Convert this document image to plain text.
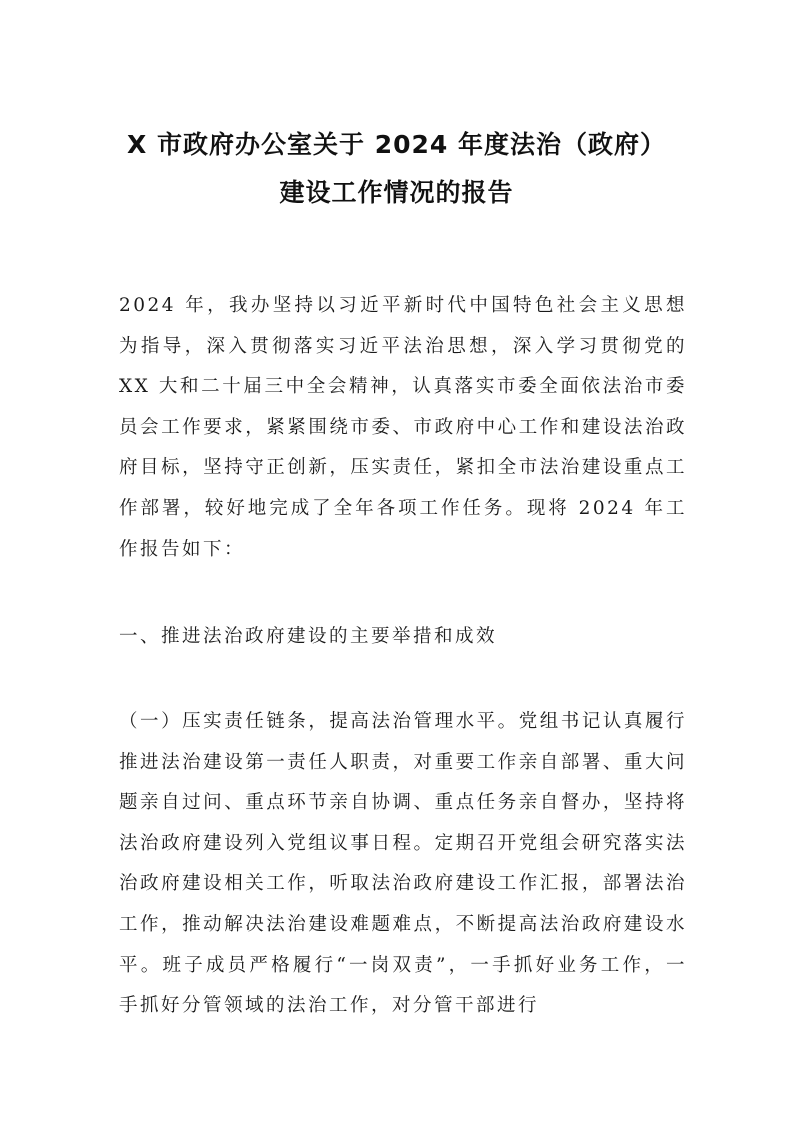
X 市政府办公室关于 2024 年度法治（政府）
建设工作情况的报告

2024 年，我办坚持以习近平新时代中国特色社会主义思想为指导，深入贯彻落实习近平法治思想，深入学习贯彻党的 XX 大和二十届三中全会精神，认真落实市委全面依法治市委员会工作要求，紧紧围绕市委、市政府中心工作和建设法治政府目标，坚持守正创新，压实责任，紧扣全市法治建设重点工作部署，较好地完成了全年各项工作任务。现将 2024 年工作报告如下：

一、推进法治政府建设的主要举措和成效

（一）压实责任链条，提高法治管理水平。党组书记认真履行推进法治建设第一责任人职责，对重要工作亲自部署、重大问题亲自过问、重点环节亲自协调、重点任务亲自督办，坚持将法治政府建设列入党组议事日程。定期召开党组会研究落实法治政府建设相关工作，听取法治政府建设工作汇报，部署法治工作，推动解决法治建设难题难点，不断提高法治政府建设水平。班子成员严格履行“一岗双责”，一手抓好业务工作，一手抓好分管领域的法治工作，对分管干部进行
